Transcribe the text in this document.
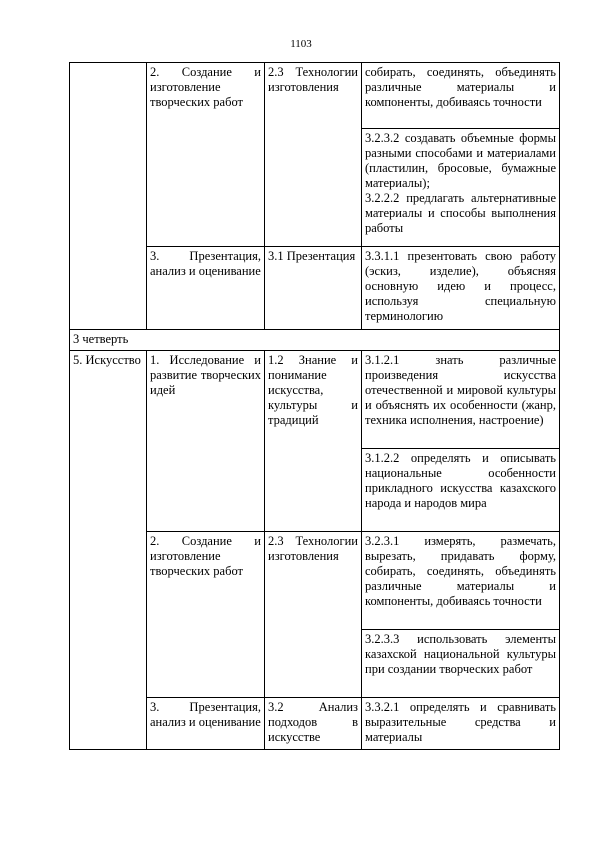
1103
	2. Создание и изготовление творческих работ	2.3 Технологии изготовления	собирать, соединять, объединять различные материалы и компоненты, добиваясь точности
			3.2.3.2 создавать объемные формы разными способами и материалами (пластилин, бросовые, бумажные материалы);
3.2.2.2 предлагать альтернативные материалы и способы выполнения работы
	3. Презентация, анализ и оценивание	3.1 Презентация	3.3.1.1 презентовать свою работу (эскиз, изделие), объясняя основную идею и процесс, используя специальную терминологию
3 четверть			
5. Искусство	1. Исследование и развитие творческих идей	1.2 Знание и понимание искусства, культуры и традиций	3.1.2.1 знать различные произведения искусства отечественной и мировой культуры и объяснять их особенности (жанр, техника исполнения, настроение)
			3.1.2.2 определять и описывать национальные особенности прикладного искусства казахского народа и народов мира
	2. Создание и изготовление творческих работ	2.3 Технологии изготовления	3.2.3.1 измерять, размечать, вырезать, придавать форму, собирать, соединять, объединять различные материалы и компоненты, добиваясь точности
			3.2.3.3 использовать элементы казахской национальной культуры при создании творческих работ
	3. Презентация, анализ и оценивание	3.2 Анализ подходов в искусстве	3.3.2.1 определять и сравнивать выразительные средства и материалы
